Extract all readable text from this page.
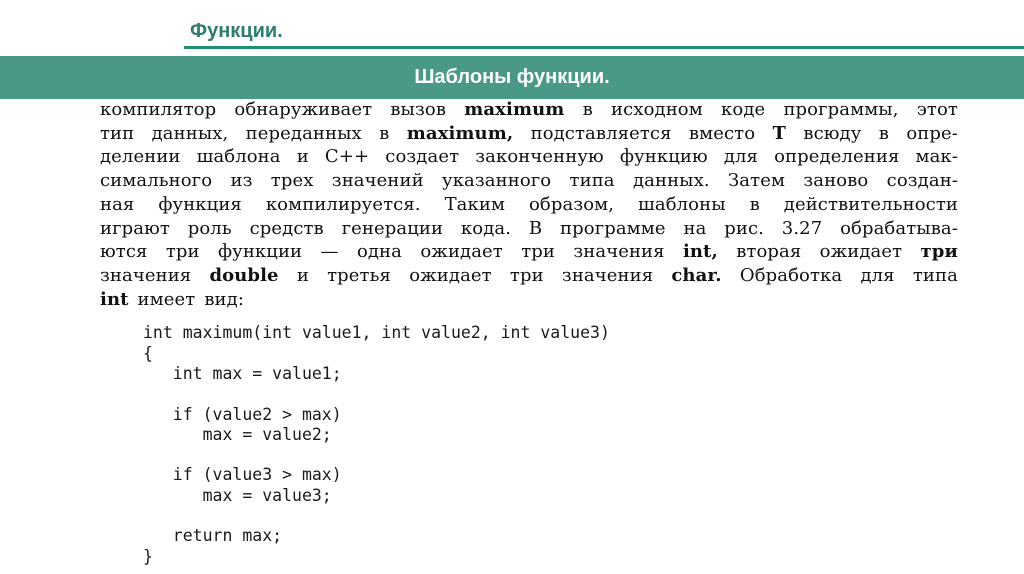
Функции.
Шаблоны функции.
компилятор обнаруживает вызов maximum в исходном коде программы, этот
тип данных, переданных в maximum, подставляется вместо T всюду в опре-
делении шаблона и C++ создает законченную функцию для определения мак-
симального из трех значений указанного типа данных. Затем заново создан-
ная функция компилируется. Таким образом, шаблоны в действительности
играют роль средств генерации кода. В программе на рис. 3.27 обрабатыва-
ются три функции — одна ожидает три значения int, вторая ожидает три
значения double и третья ожидает три значения char. Обработка для типа
int имеет вид:
int maximum(int value1, int value2, int value3)
{
int max = value1;
if (value2 > max)
max = value2;
if (value3 > max)
max = value3;
return max;
}
